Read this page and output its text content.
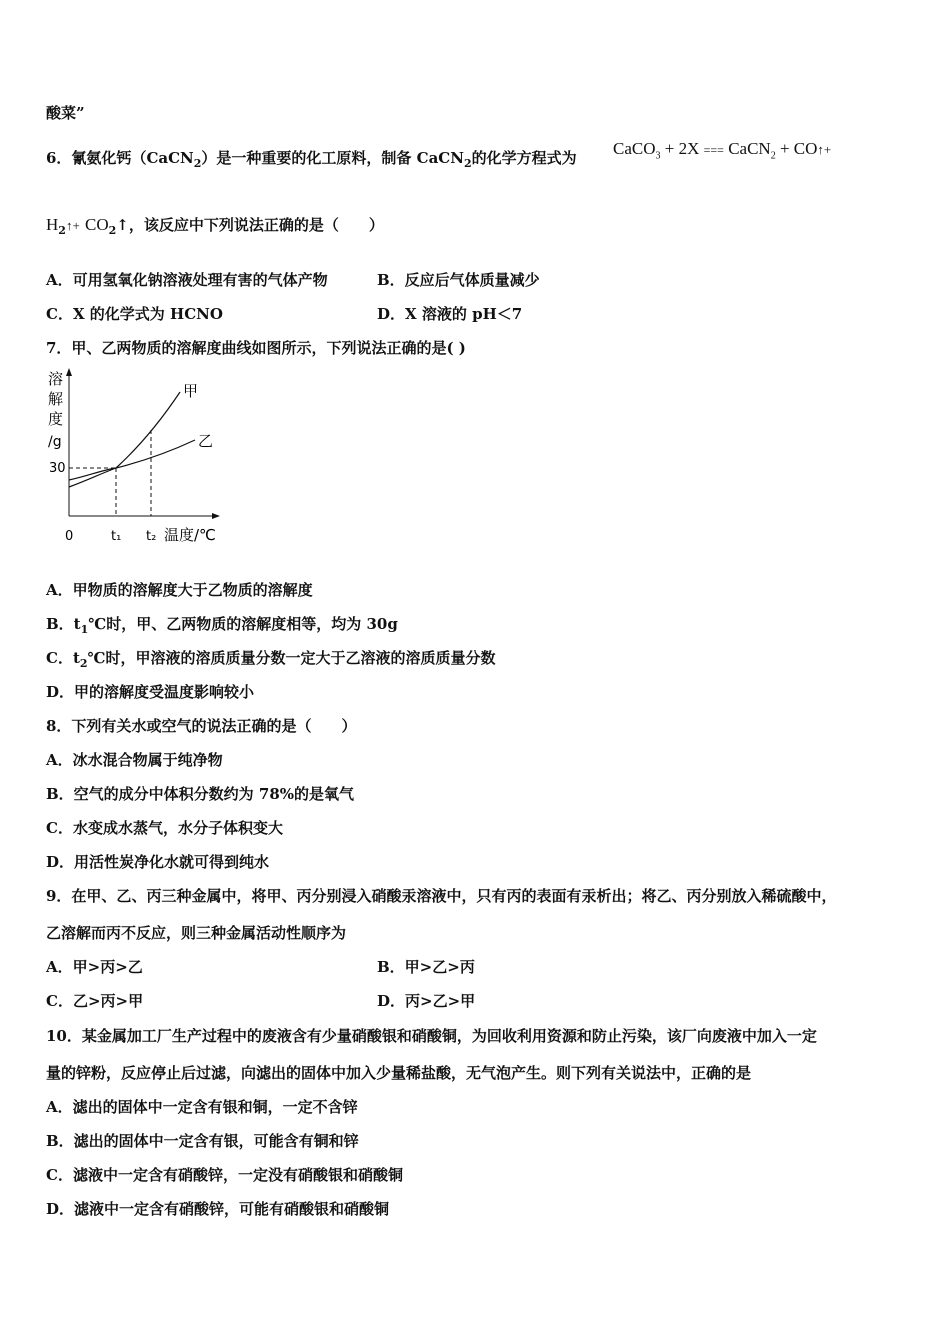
酸菜”
6．氰氨化钙（CaCN$_2$）是一种重要的化工原料，制备 CaCN$_2$的化学方程式为 CaCO$_3$ + 2X === CaCN$_2$ + CO↑+
$H_2↑+$ $CO_2↑$，该反应中下列说法正确的是（　　）
A．可用氢氧化钠溶液处理有害的气体产物	B．反应后气体质量减少
C．X 的化学式为 HCNO	D．X 溶液的 pH＜7
7．甲、乙两物质的溶解度曲线如图所示，下列说法正确的是( )
溶
解
度
/g
30
甲
乙
0	t₁ t₂ 温度/℃
A．甲物质的溶解度大于乙物质的溶解度
B．$t_1℃$时，甲、乙两物质的溶解度相等，均为 30g
C．$t_2℃$时，甲溶液的溶质质量分数一定大于乙溶液的溶质质量分数
D．甲的溶解度受温度影响较小
8．下列有关水或空气的说法正确的是（　　）
A．冰水混合物属于纯净物
B．空气的成分中体积分数约为 78%的是氧气
C．水变成水蒸气，水分子体积变大
D．用活性炭净化水就可得到纯水
9．在甲、乙、丙三种金属中，将甲、丙分别浸入硝酸汞溶液中，只有丙的表面有汞析出；将乙、丙分别放入稀硫酸中，
乙溶解而丙不反应，则三种金属活动性顺序为
A．甲>丙>乙	B．甲>乙>丙
C．乙>丙>甲	D．丙>乙>甲
10．某金属加工厂生产过程中的废液含有少量硝酸银和硝酸铜，为回收利用资源和防止污染，该厂向废液中加入一定
量的锌粉，反应停止后过滤，向滤出的固体中加入少量稀盐酸，无气泡产生。则下列有关说法中，正确的是
A．滤出的固体中一定含有银和铜，一定不含锌
B．滤出的固体中一定含有银，可能含有铜和锌
C．滤液中一定含有硝酸锌，一定没有硝酸银和硝酸铜
D．滤液中一定含有硝酸锌，可能有硝酸银和硝酸铜
